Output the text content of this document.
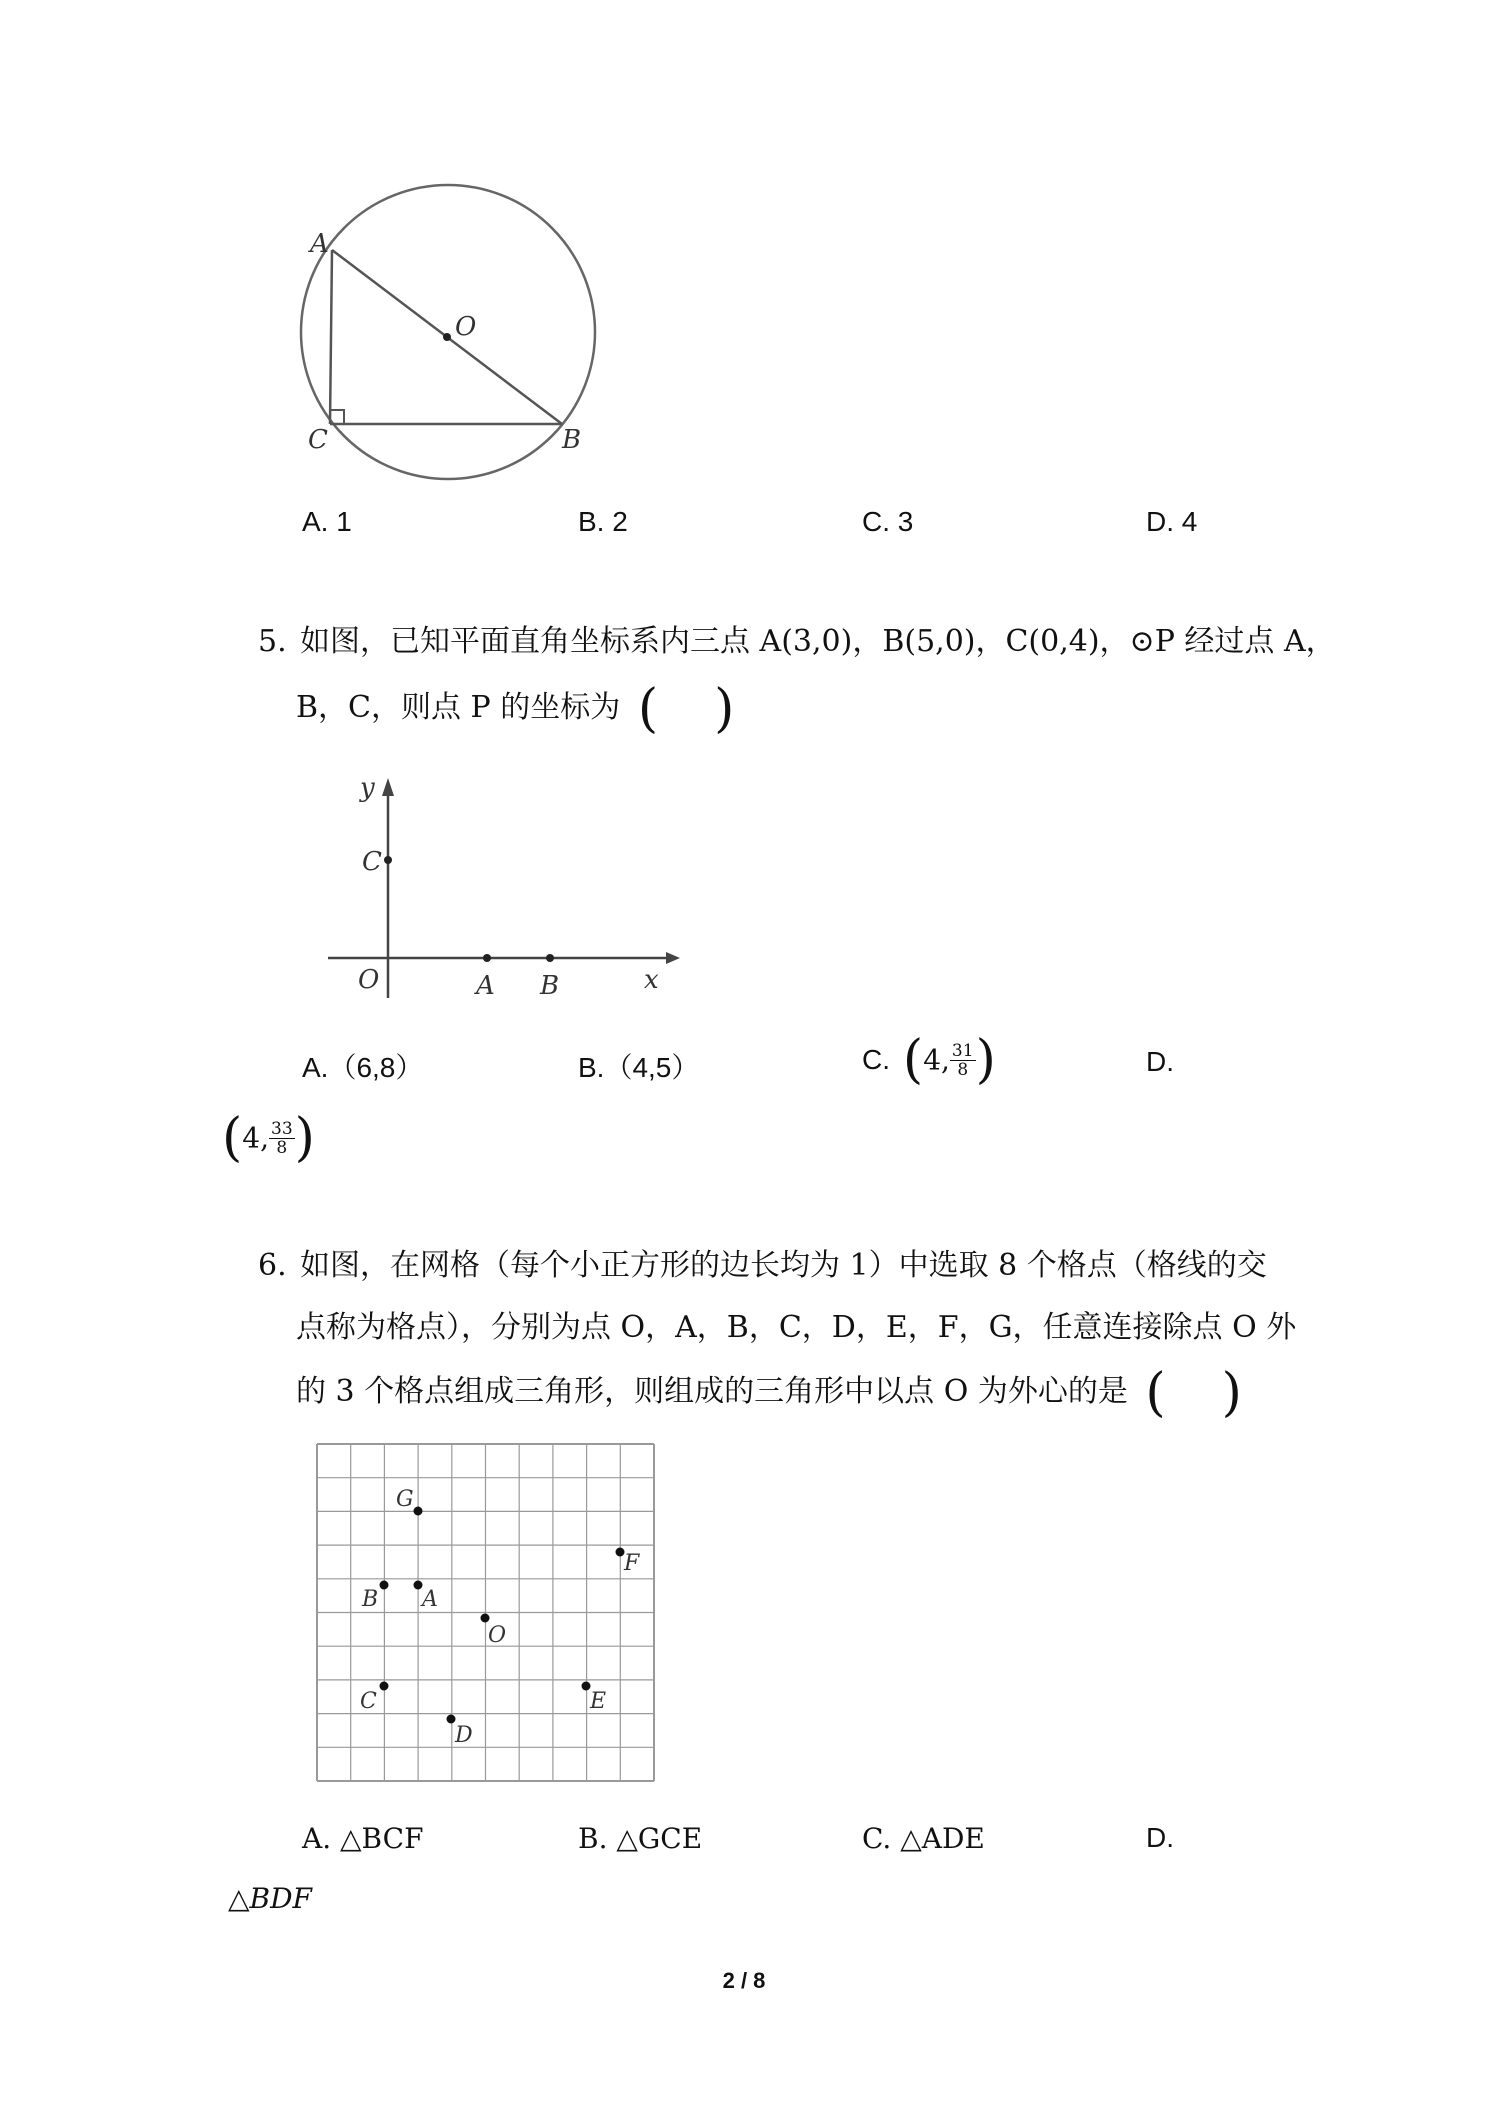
A
O
C	B
A. 1	B. 2	C. 3	D. 4
5. 如图，已知平面直角坐标系内三点 A(3,0)，B(5,0)，C(0,4)，⊙P 经过点 A，
B，C，则点 P 的坐标为 ( )
y
C
O	A B	x
A.（6,8）	B.（4,5）	C. (4, $\frac{31}{8}$ )	D.
(4, $\frac{33}{8}$ )
6. 如图，在网格（每个小正方形的边长均为 1）中选取 8 个格点（格线的交
点称为格点），分别为点 O，A，B，C，D，E，F，G，任意连接除点 O 外
的 3 个格点组成三角形，则组成的三角形中以点 O 为外心的是 ( )
G
F
B A
O
C	E
D
A. △BCF	B. △GCE	C. △ADE	D.
△BDF
2 / 8
